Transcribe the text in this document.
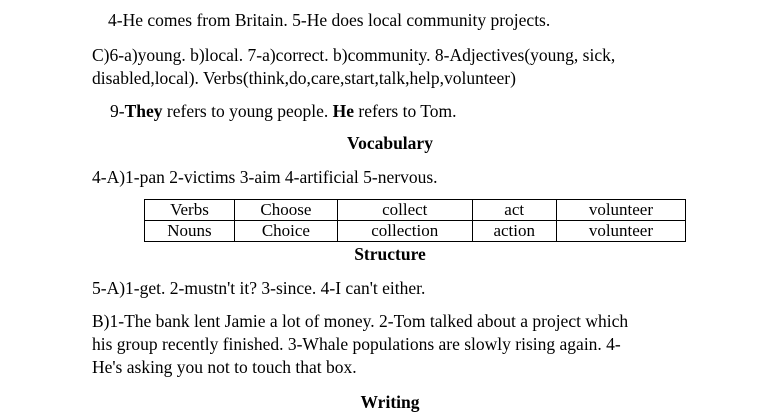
4-He comes from Britain. 5-He does local community projects.
C)6-a)young. b)local. 7-a)correct. b)community. 8-Adjectives(young, sick,
disabled,local). Verbs(think,do,care,start,talk,help,volunteer)
9-They refers to young people. He refers to Tom.
Vocabulary
4-A)1-pan 2-victims 3-aim 4-artificial 5-nervous.
Verbs	Choose	collect	act	volunteer
Nouns	Choice	collection	action	volunteer
Structure
5-A)1-get. 2-mustn't it? 3-since. 4-I can't either.
B)1-The bank lent Jamie a lot of money. 2-Tom talked about a project which
his group recently finished. 3-Whale populations are slowly rising again. 4-
He's asking you not to touch that box.
Writing
